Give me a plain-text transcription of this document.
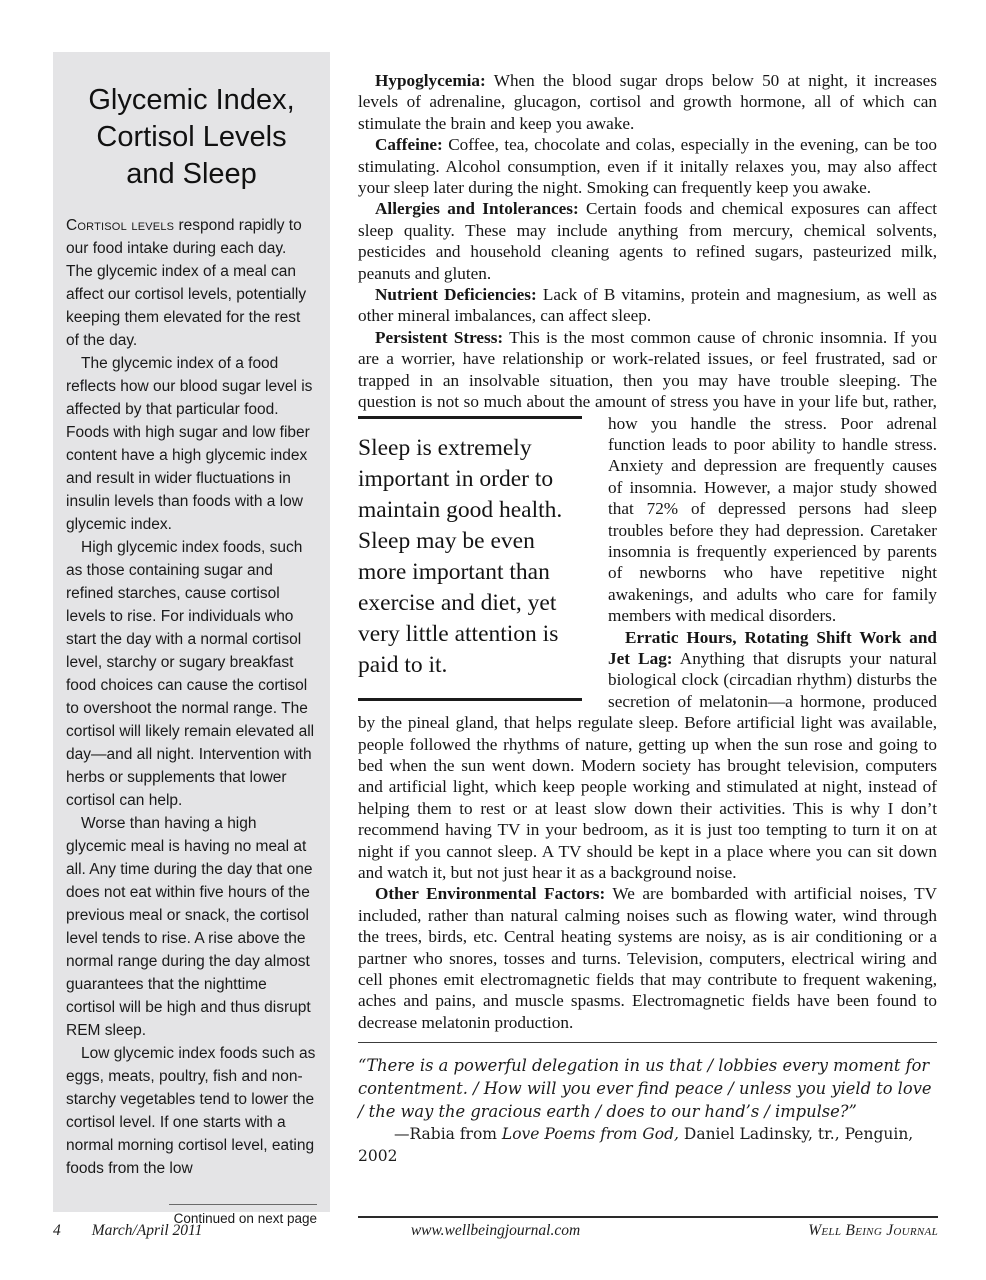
Glycemic Index,
Cortisol Levels
and Sleep

Cortisol levels respond rapidly to our food intake during each day. The glycemic index of a meal can affect our cortisol levels, potentially keeping them elevated for the rest of the day.

The glycemic index of a food reflects how our blood sugar level is affected by that particular food. Foods with high sugar and low fiber content have a high glycemic index and result in wider fluctuations in insulin levels than foods with a low glycemic index.

High glycemic index foods, such as those containing sugar and refined starches, cause cortisol levels to rise. For individuals who start the day with a normal cortisol level, starchy or sugary breakfast food choices can cause the cortisol to overshoot the normal range. The cortisol will likely remain elevated all day—and all night. Intervention with herbs or supplements that lower cortisol can help.

Worse than having a high glycemic meal is having no meal at all. Any time during the day that one does not eat within five hours of the previous meal or snack, the cortisol level tends to rise. A rise above the normal range during the day almost guarantees that the nighttime cortisol will be high and thus disrupt REM sleep.

Low glycemic index foods such as eggs, meats, poultry, fish and non-starchy vegetables tend to lower the cortisol level. If one starts with a normal morning cortisol level, eating foods from the low

Continued on next page

Hypoglycemia: When the blood sugar drops below 50 at night, it increases levels of adrenaline, glucagon, cortisol and growth hormone, all of which can stimulate the brain and keep you awake.

Caffeine: Coffee, tea, chocolate and colas, especially in the evening, can be too stimulating. Alcohol consumption, even if it initally relaxes you, may also affect your sleep later during the night. Smoking can frequently keep you awake.

Allergies and Intolerances: Certain foods and chemical exposures can affect sleep quality. These may include anything from mercury, chemical solvents, pesticides and household cleaning agents to refined sugars, pasteurized milk, peanuts and gluten.

Nutrient Deficiencies: Lack of B vitamins, protein and magnesium, as well as other mineral imbalances, can affect sleep.

Persistent Stress: This is the most common cause of chronic insomnia. If you are a worrier, have relationship or work-related issues, or feel frustrated, sad or trapped in an insolvable situation, then you may have trouble sleeping. The question is not so much about the amount of stress you have in your
Sleep is extremely important in order to maintain good health. Sleep may be even more important than exercise and diet, yet very little attention is paid to it.
life but, rather, how you handle the stress. Poor adrenal function leads to poor ability to handle stress. Anxiety and depression are frequently causes of insomnia. However, a major study showed that 72% of depressed persons had sleep troubles before they had depression. Caretaker insomnia is frequently experienced by parents of newborns who have repetitive night awakenings, and adults who care for family members with medical disorders.

Erratic Hours, Rotating Shift Work and Jet Lag: Anything that disrupts your natural biological clock (circadian rhythm) disturbs the secretion of melatonin—a hormone, produced by the pineal gland, that helps regulate sleep. Before artificial light was available, people followed the rhythms of nature, getting up when the sun rose and going to bed when the sun went down. Modern society has brought television, computers and artificial light, which keep people working and stimulated at night, instead of helping them to rest or at least slow down their activities. This is why I don’t recommend having TV in your bedroom, as it is just too tempting to turn it on at night if you cannot sleep. A TV should be kept in a place where you can sit down and watch it, but not just hear it as a background noise.

Other Environmental Factors: We are bombarded with artificial noises, TV included, rather than natural calming noises such as flowing water, wind through the trees, birds, etc. Central heating systems are noisy, as is air conditioning or a partner who snores, tosses and turns. Television, computers, electrical wiring and cell phones emit electromagnetic fields that may contribute to frequent wakening, aches and pains, and muscle spasms. Electromagnetic fields have been found to decrease melatonin production.

“There is a powerful delegation in us that / lobbies every moment for contentment. / How will you ever find peace / unless you yield to love / the way the gracious earth / does to our hand’s / impulse?”

—Rabia from Love Poems from God, Daniel Ladinsky, tr., Penguin, 2002

4 March/April 2011	www.wellbeingjournal.com	Well Being Journal
